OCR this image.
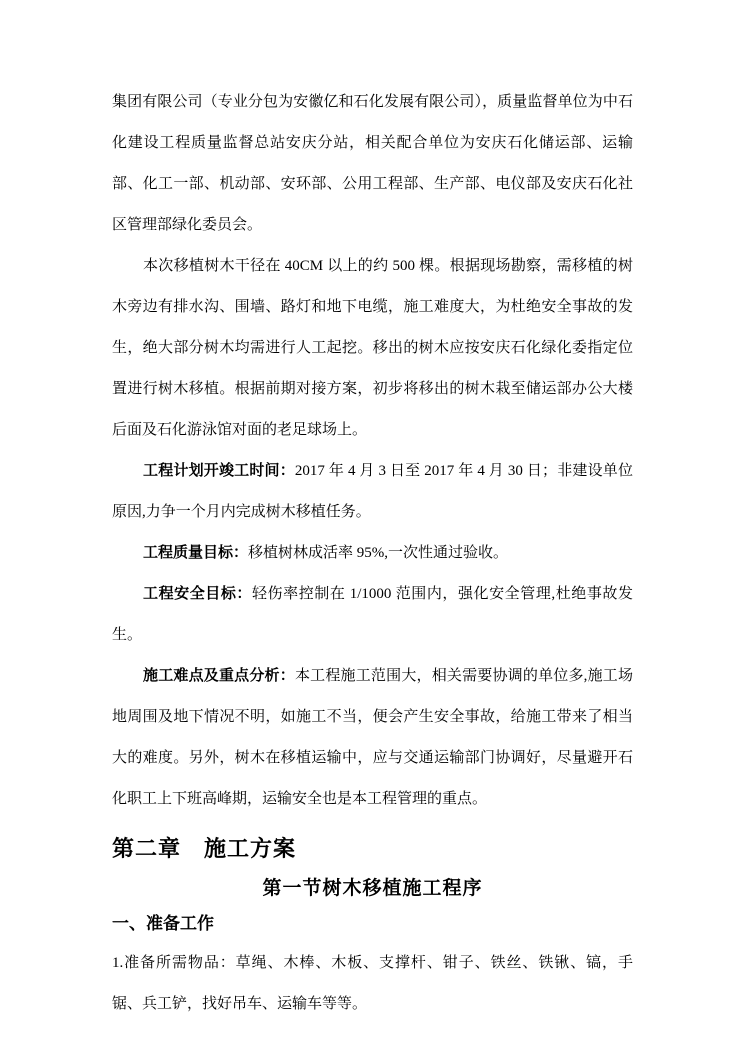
集团有限公司（专业分包为安徽亿和石化发展有限公司），质量监督单位为中石化建设工程质量监督总站安庆分站，相关配合单位为安庆石化储运部、运输部、化工一部、机动部、安环部、公用工程部、生产部、电仪部及安庆石化社区管理部绿化委员会。

本次移植树木干径在 40CM 以上的约 500 棵。根据现场勘察，需移植的树木旁边有排水沟、围墙、路灯和地下电缆，施工难度大，为杜绝安全事故的发生，绝大部分树木均需进行人工起挖。移出的树木应按安庆石化绿化委指定位置进行树木移植。根据前期对接方案，初步将移出的树木栽至储运部办公大楼后面及石化游泳馆对面的老足球场上。

工程计划开竣工时间：2017 年 4 月 3 日至 2017 年 4 月 30 日；非建设单位原因,力争一个月内完成树木移植任务。

工程质量目标：移植树林成活率 95%,一次性通过验收。

工程安全目标：轻伤率控制在 1/1000 范围内，强化安全管理,杜绝事故发生。

施工难点及重点分析：本工程施工范围大，相关需要协调的单位多,施工场地周围及地下情况不明，如施工不当，便会产生安全事故，给施工带来了相当大的难度。另外，树木在移植运输中，应与交通运输部门协调好，尽量避开石化职工上下班高峰期，运输安全也是本工程管理的重点。

第二章　施工方案
第一节树木移植施工程序
一、准备工作

1.准备所需物品：草绳、木棒、木板、支撑杆、钳子、铁丝、铁锹、镐，手锯、兵工铲，找好吊车、运输车等等。
